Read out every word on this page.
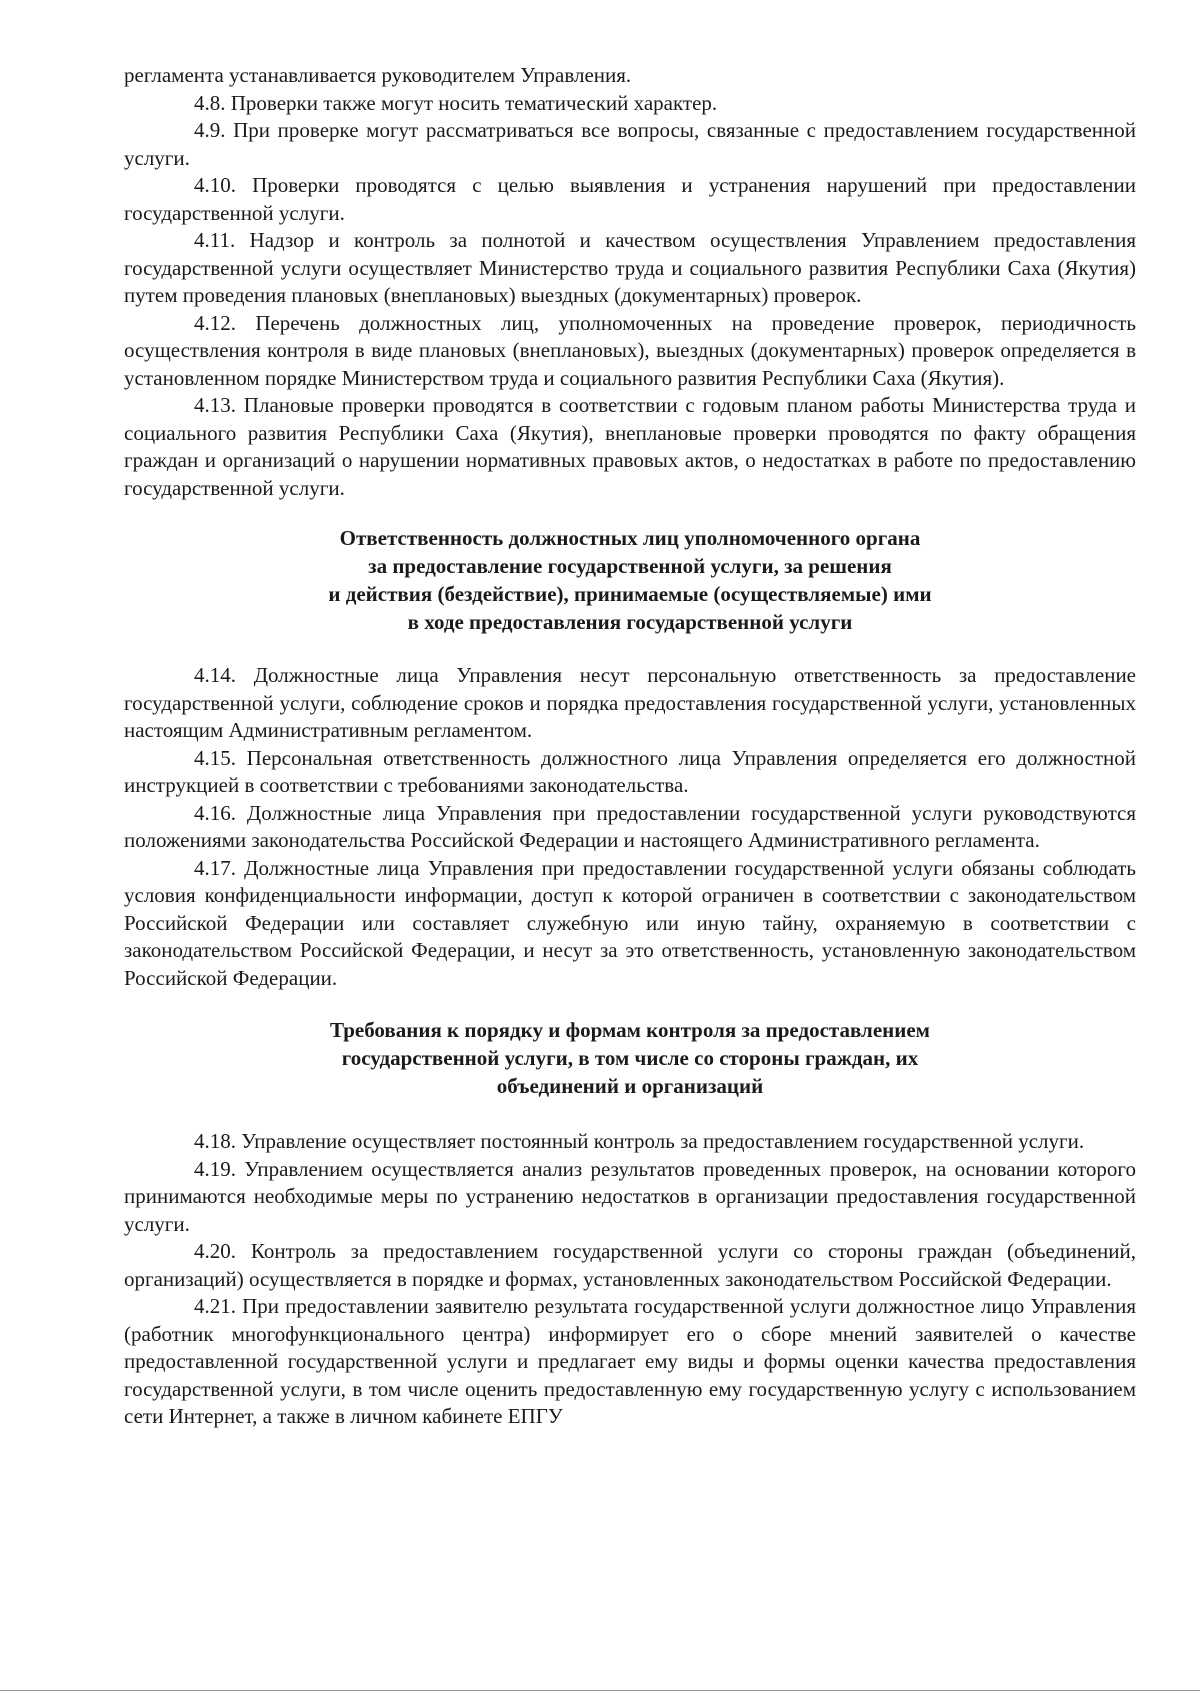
регламента устанавливается руководителем Управления.

4.8. Проверки также могут носить тематический характер.

4.9. При проверке могут рассматриваться все вопросы, связанные с предоставлением государственной услуги.

4.10. Проверки проводятся с целью выявления и устранения нарушений при предоставлении государственной услуги.

4.11. Надзор и контроль за полнотой и качеством осуществления Управлением предоставления государственной услуги осуществляет Министерство труда и социального развития Республики Саха (Якутия) путем проведения плановых (внеплановых) выездных (документарных) проверок.

4.12. Перечень должностных лиц, уполномоченных на проведение проверок, периодичность осуществления контроля в виде плановых (внеплановых), выездных (документарных) проверок определяется в установленном порядке Министерством труда и социального развития Республики Саха (Якутия).

4.13. Плановые проверки проводятся в соответствии с годовым планом работы Министерства труда и социального развития Республики Саха (Якутия), внеплановые проверки проводятся по факту обращения граждан и организаций о нарушении нормативных правовых актов, о недостатках в работе по предоставлению государственной услуги.

Ответственность должностных лиц уполномоченного органа
за предоставление государственной услуги, за решения
и действия (бездействие), принимаемые (осуществляемые) ими
в ходе предоставления государственной услуги

4.14. Должностные лица Управления несут персональную ответственность за предоставление государственной услуги, соблюдение сроков и порядка предоставления государственной услуги, установленных настоящим Административным регламентом.

4.15. Персональная ответственность должностного лица Управления определяется его должностной инструкцией в соответствии с требованиями законодательства.

4.16. Должностные лица Управления при предоставлении государственной услуги руководствуются положениями законодательства Российской Федерации и настоящего Административного регламента.

4.17. Должностные лица Управления при предоставлении государственной услуги обязаны соблюдать условия конфиденциальности информации, доступ к которой ограничен в соответствии с законодательством Российской Федерации или составляет служебную или иную тайну, охраняемую в соответствии с законодательством Российской Федерации, и несут за это ответственность, установленную законодательством Российской Федерации.

Требования к порядку и формам контроля за предоставлением
государственной услуги, в том числе со стороны граждан, их
объединений и организаций

4.18. Управление осуществляет постоянный контроль за предоставлением государственной услуги.

4.19. Управлением осуществляется анализ результатов проведенных проверок, на основании которого принимаются необходимые меры по устранению недостатков в организации предоставления государственной услуги.

4.20. Контроль за предоставлением государственной услуги со стороны граждан (объединений, организаций) осуществляется в порядке и формах, установленных законодательством Российской Федерации.

4.21. При предоставлении заявителю результата государственной услуги должностное лицо Управления (работник многофункционального центра) информирует его о сборе мнений заявителей о качестве предоставленной государственной услуги и предлагает ему виды и формы оценки качества предоставления государственной услуги, в том числе оценить предоставленную ему государственную услугу с использованием сети Интернет, а также в личном кабинете ЕПГУ
